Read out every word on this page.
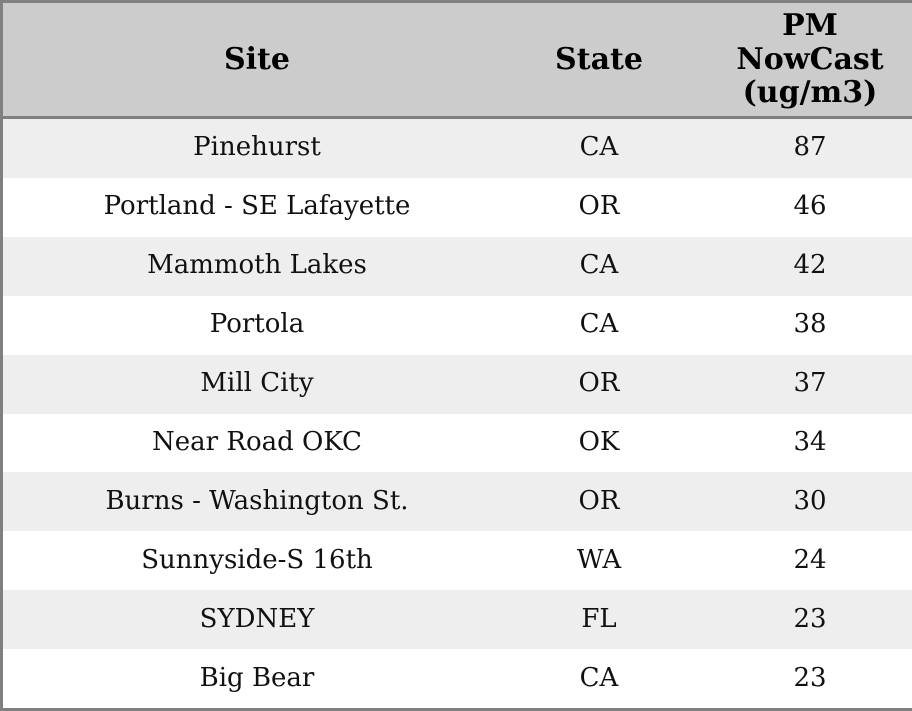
Site	State	PM
NowCast
(ug/m3)
Pinehurst	CA	87
Portland - SE Lafayette	OR	46
Mammoth Lakes	CA	42
Portola	CA	38
Mill City	OR	37
Near Road OKC	OK	34
Burns - Washington St.	OR	30
Sunnyside-S 16th	WA	24
SYDNEY	FL	23
Big Bear	CA	23
